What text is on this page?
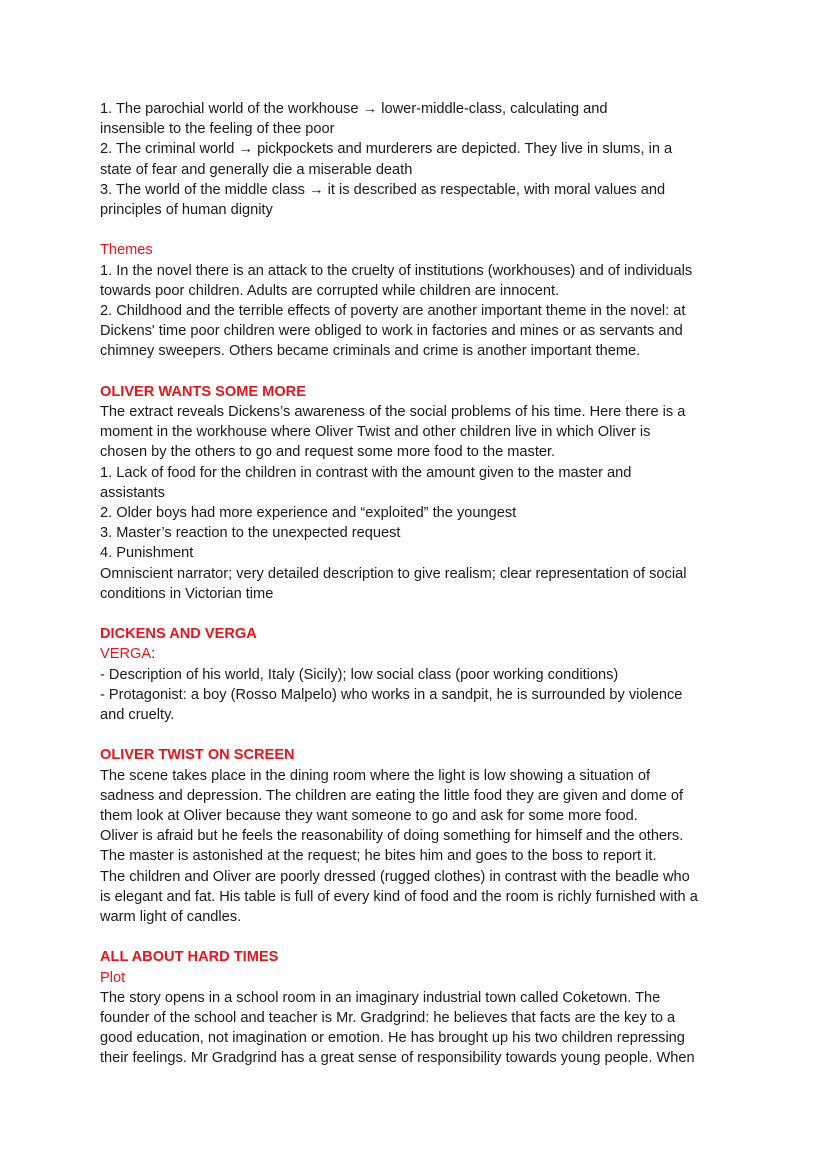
1. The parochial world of the workhouse → lower-middle-class, calculating and
insensible to the feeling of thee poor
2. The criminal world → pickpockets and murderers are depicted. They live in slums, in a
state of fear and generally die a miserable death
3. The world of the middle class → it is described as respectable, with moral values and
principles of human dignity
Themes
1. In the novel there is an attack to the cruelty of institutions (workhouses) and of individuals
towards poor children. Adults are corrupted while children are innocent.
2. Childhood and the terrible effects of poverty are another important theme in the novel: at
Dickens' time poor children were obliged to work in factories and mines or as servants and
chimney sweepers. Others became criminals and crime is another important theme.
OLIVER WANTS SOME MORE
The extract reveals Dickens’s awareness of the social problems of his time. Here there is a
moment in the workhouse where Oliver Twist and other children live in which Oliver is
chosen by the others to go and request some more food to the master.
1. Lack of food for the children in contrast with the amount given to the master and
assistants
2. Older boys had more experience and “exploited” the youngest
3. Master’s reaction to the unexpected request
4. Punishment
Omniscient narrator; very detailed description to give realism; clear representation of social
conditions in Victorian time
DICKENS AND VERGA
VERGA:
- Description of his world, Italy (Sicily); low social class (poor working conditions)
- Protagonist: a boy (Rosso Malpelo) who works in a sandpit, he is surrounded by violence
and cruelty.
OLIVER TWIST ON SCREEN
The scene takes place in the dining room where the light is low showing a situation of
sadness and depression. The children are eating the little food they are given and dome of
them look at Oliver because they want someone to go and ask for some more food.
Oliver is afraid but he feels the reasonability of doing something for himself and the others.
The master is astonished at the request; he bites him and goes to the boss to report it.
The children and Oliver are poorly dressed (rugged clothes) in contrast with the beadle who
is elegant and fat. His table is full of every kind of food and the room is richly furnished with a
warm light of candles.
ALL ABOUT HARD TIMES
Plot
The story opens in a school room in an imaginary industrial town called Coketown. The
founder of the school and teacher is Mr. Gradgrind: he believes that facts are the key to a
good education, not imagination or emotion. He has brought up his two children repressing
their feelings. Mr Gradgrind has a great sense of responsibility towards young people. When
